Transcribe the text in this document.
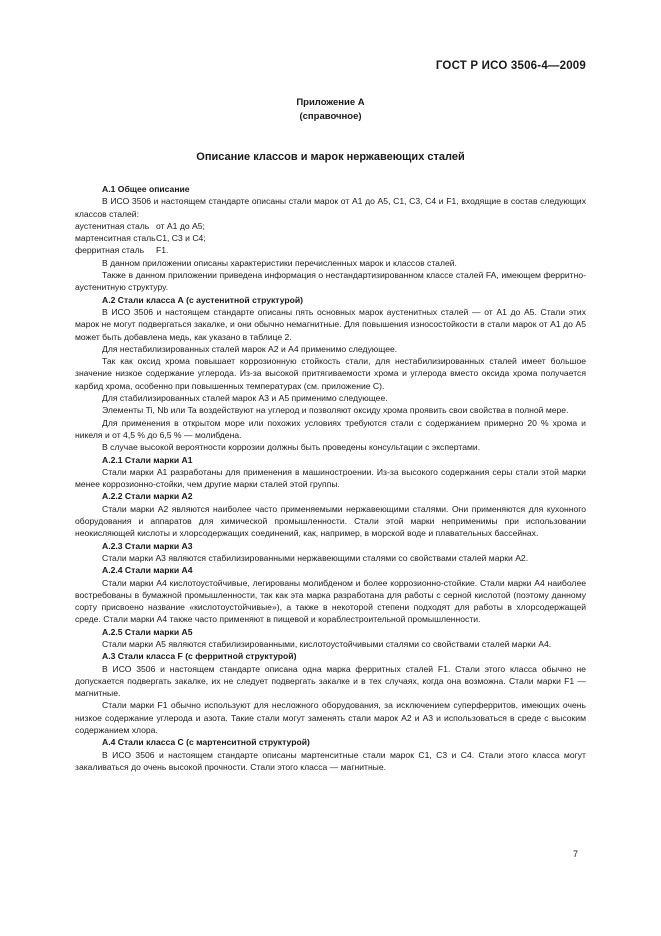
ГОСТ Р ИСО 3506-4—2009
Приложение А
(справочное)
Описание классов и марок нержавеющих сталей

А.1 Общее описание

В ИСО 3506 и настоящем стандарте описаны стали марок от А1 до А5, С1, С3, С4 и F1, входящие в состав следующих классов сталей:

аустенитная сталь от А1 до А5;
мартенситная сталь С1, С3 и С4;
ферритная сталь	F1.

В данном приложении описаны характеристики перечисленных марок и классов сталей.

Также в данном приложении приведена информация о нестандартизированном классе сталей FA, имеющем ферритно-аустенитную структуру.

А.2 Стали класса А (с аустенитной структурой)

В ИСО 3506 и настоящем стандарте описаны пять основных марок аустенитных сталей — от А1 до А5. Стали этих марок не могут подвергаться закалке, и они обычно немагнитные. Для повышения износостойкости в стали марок от А1 до А5 может быть добавлена медь, как указано в таблице 2.

Для нестабилизированных сталей марок А2 и А4 применимо следующее.

Так как оксид хрома повышает коррозионную стойкость стали, для нестабилизированных сталей имеет большое значение низкое содержание углерода. Из-за высокой притягиваемости хрома и углерода вместо оксида хрома получается карбид хрома, особенно при повышенных температурах (см. приложение С).

Для стабилизированных сталей марок А3 и А5 применимо следующее.

Элементы Ti, Nb или Ta воздействуют на углерод и позволяют оксиду хрома проявить свои свойства в полной мере.

Для применения в открытом море или похожих условиях требуются стали с содержанием примерно 20 % хрома и никеля и от 4,5 % до 6,5 % — молибдена.

В случае высокой вероятности коррозии должны быть проведены консультации с экспертами.

А.2.1 Стали марки А1

Стали марки А1 разработаны для применения в машиностроении. Из-за высокого содержания серы стали этой марки менее коррозионно-стойки, чем другие марки сталей этой группы.

А.2.2 Стали марки А2

Стали марки А2 являются наиболее часто применяемыми нержавеющими сталями. Они применяются для кухонного оборудования и аппаратов для химической промышленности. Стали этой марки неприменимы при использовании неокисляющей кислоты и хлорсодержащих соединений, как, например, в морской воде и плавательных бассейнах.

А.2.3 Стали марки А3

Стали марки А3 являются стабилизированными нержавеющими сталями со свойствами сталей марки А2.

А.2.4 Стали марки А4

Стали марки А4 кислотоустойчивые, легированы молибденом и более коррозионно-стойкие. Стали марки А4 наиболее востребованы в бумажной промышленности, так как эта марка разработана для работы с серной кислотой (поэтому данному сорту присвоено название «кислотоустойчивые»), а также в некоторой степени подходят для работы в хлорсодержащей среде. Стали марки А4 также часто применяют в пищевой и кораблестроительной промышленности.

А.2.5 Стали марки А5

Стали марки А5 являются стабилизированными, кислотоустойчивыми сталями со свойствами сталей марки А4.

А.3 Стали класса F (с ферритной структурой)

В ИСО 3506 и настоящем стандарте описана одна марка ферритных сталей F1. Стали этого класса обычно не допускается подвергать закалке, их не следует подвергать закалке и в тех случаях, когда она возможна. Стали марки F1 — магнитные.

Стали марки F1 обычно используют для несложного оборудования, за исключением суперферритов, имеющих очень низкое содержание углерода и азота. Такие стали могут заменять стали марок А2 и А3 и использоваться в среде с высоким содержанием хлора.

А.4 Стали класса С (с мартенситной структурой)

В ИСО 3506 и настоящем стандарте описаны мартенситные стали марок С1, С3 и С4. Стали этого класса могут закаливаться до очень высокой прочности. Стали этого класса — магнитные.

7
